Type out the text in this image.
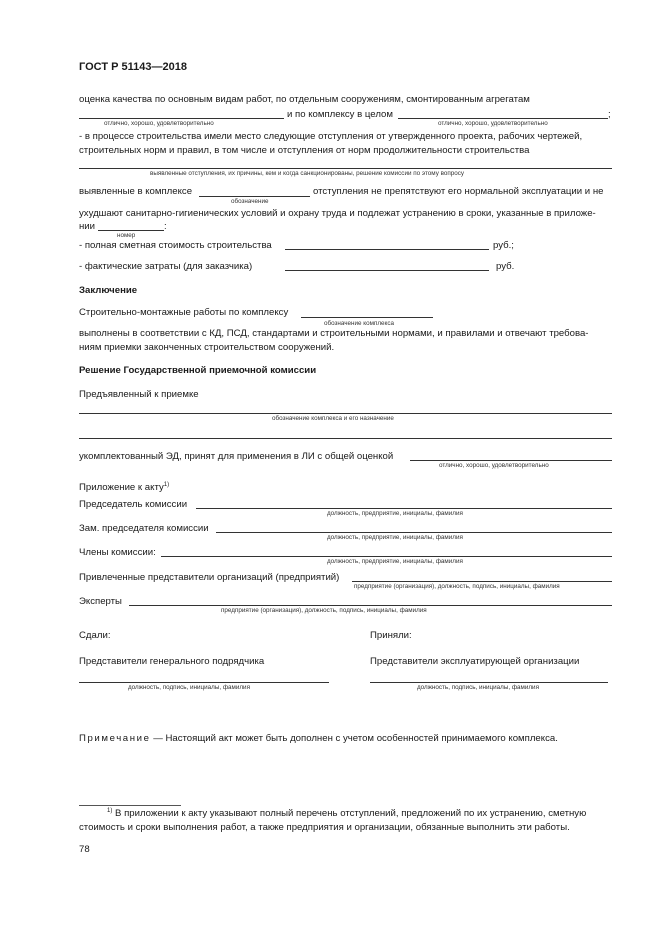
ГОСТ Р 51143—2018
оценка качества по основным видам работ, по отдельным сооружениям, смонтированным агрегатам
отлично, хорошо, удовлетворительно
и по комплексу в целом	;
отлично, хорошо, удовлетворительно
- в процессе строительства имели место следующие отступления от утвержденного проекта, рабочих чертежей,
строительных норм и правил, в том числе и отступления от норм продолжительности строительства
выявленные отступления, их причины, кем и когда санкционированы, решение комиссии по этому вопросу
выявленные в комплексе	отступления не препятствуют его нормальной эксплуатации и не
обозначение
ухудшают санитарно-гигиенических условий и охрану труда и подлежат устранению в сроки, указанные в приложе-
нии	:
номер
- полная сметная стоимость строительства	руб.;
- фактические затраты (для заказчика)	руб.
Заключение
Строительно-монтажные работы по комплексу
обозначение комплекса
выполнены в соответствии с КД, ПСД, стандартами и строительными нормами, и правилами и отвечают требова-
ниям приемки законченных строительством сооружений.
Решение Государственной приемочной комиссии
Предъявленный к приемке
обозначение комплекса и его назначение
укомплектованный ЭД, принят для применения в ЛИ с общей оценкой
отлично, хорошо, удовлетворительно
Приложение к акту$^{1)}$
Председатель комиссии
должность, предприятие, инициалы, фамилия
Зам. председателя комиссии
должность, предприятие, инициалы, фамилия
Члены комиссии:
должность, предприятие, инициалы, фамилия
Привлеченные представители организаций (предприятий)
предприятие (организация), должность, подпись, инициалы, фамилия
Эксперты
предприятие (организация), должность, подпись, инициалы, фамилия
Сдали:	Приняли:
Представители генерального подрядчика	Представители эксплуатирующей организации
должность, подпись, инициалы, фамилия	должность, подпись, инициалы, фамилия
Примечание — Настоящий акт может быть дополнен с учетом особенностей принимаемого комплекса.
$^{1)}$ В приложении к акту указывают полный перечень отступлений, предложений по их устранению, сметную
стоимость и сроки выполнения работ, а также предприятия и организации, обязанные выполнить эти работы.
78
